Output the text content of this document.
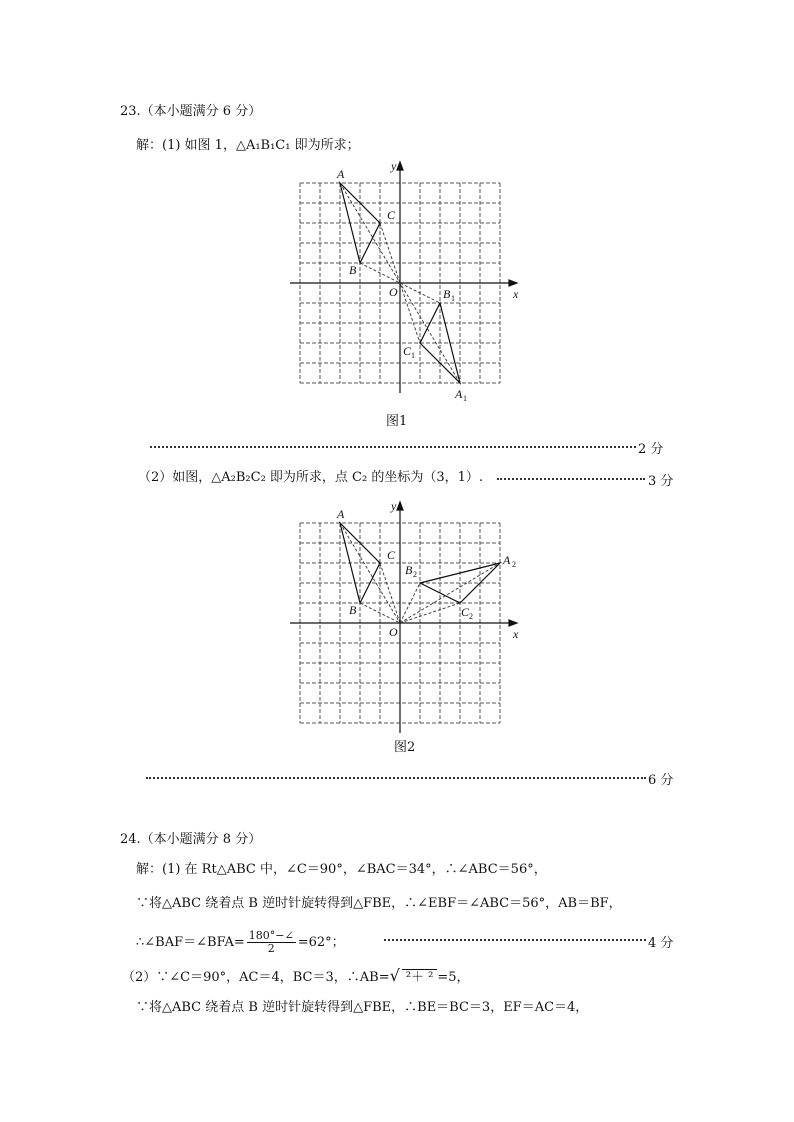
23.（本小题满分 6 分）
解：(1) 如图 1，△A₁B₁C₁ 即为所求；
A
B
C
O	x
y
B 1
C 1
A 1
图1
2 分
（2）如图，△A₂B₂C₂ 即为所求，点 C₂ 的坐标为（3，1）.	3 分
A
B
C
O	x
y
A 2
B 2
C 2
图2
6 分
24.（本小题满分 8 分）
解：(1) 在 Rt△ABC 中，∠C＝90°，∠BAC＝34°，∴∠ABC＝56°，
∵将△ABC 绕着点 B 逆时针旋转得到△FBE，∴∠EBF＝∠ABC＝56°，AB＝BF，
∴∠BAF＝∠BFA= $\frac{180^\circ-\angle}{2} =62^\circ$；	4 分
（2）∵∠C＝90°，AC＝4，BC＝3，∴AB=√ ²＋ ² =5，
∵将△ABC 绕着点 B 逆时针旋转得到△FBE，∴BE＝BC＝3，EF＝AC＝4，
